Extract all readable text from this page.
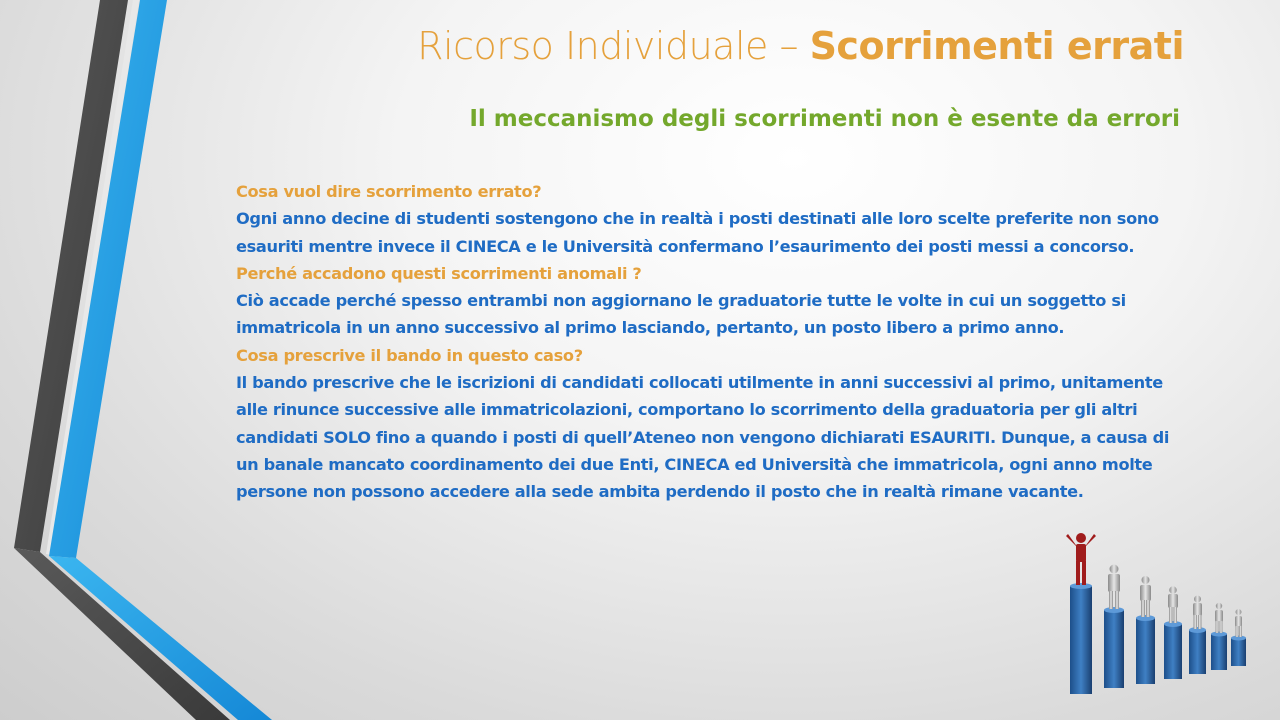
Ricorso Individuale – Scorrimenti errati
Il meccanismo degli scorrimenti non è esente da errori

Cosa vuol dire scorrimento errato?

Ogni anno decine di studenti sostengono che in realtà i posti destinati alle loro scelte preferite non sono esauriti mentre invece il CINECA e le Università confermano l’esaurimento dei posti messi a concorso.

Perché accadono questi scorrimenti anomali ?

Ciò accade perché spesso entrambi non aggiornano le graduatorie tutte le volte in cui un soggetto si immatricola in un anno successivo al primo lasciando, pertanto, un posto libero a primo anno.

Cosa prescrive il bando in questo caso?

Il bando prescrive che le iscrizioni di candidati collocati utilmente in anni successivi al primo, unitamente alle rinunce successive alle immatricolazioni, comportano lo scorrimento della graduatoria per gli altri candidati SOLO fino a quando i posti di quell’Ateneo non vengono dichiarati ESAURITI. Dunque, a causa di un banale mancato coordinamento dei due Enti, CINECA ed Università che immatricola, ogni anno molte persone non possono accedere alla sede ambita perdendo il posto che in realtà rimane vacante.
